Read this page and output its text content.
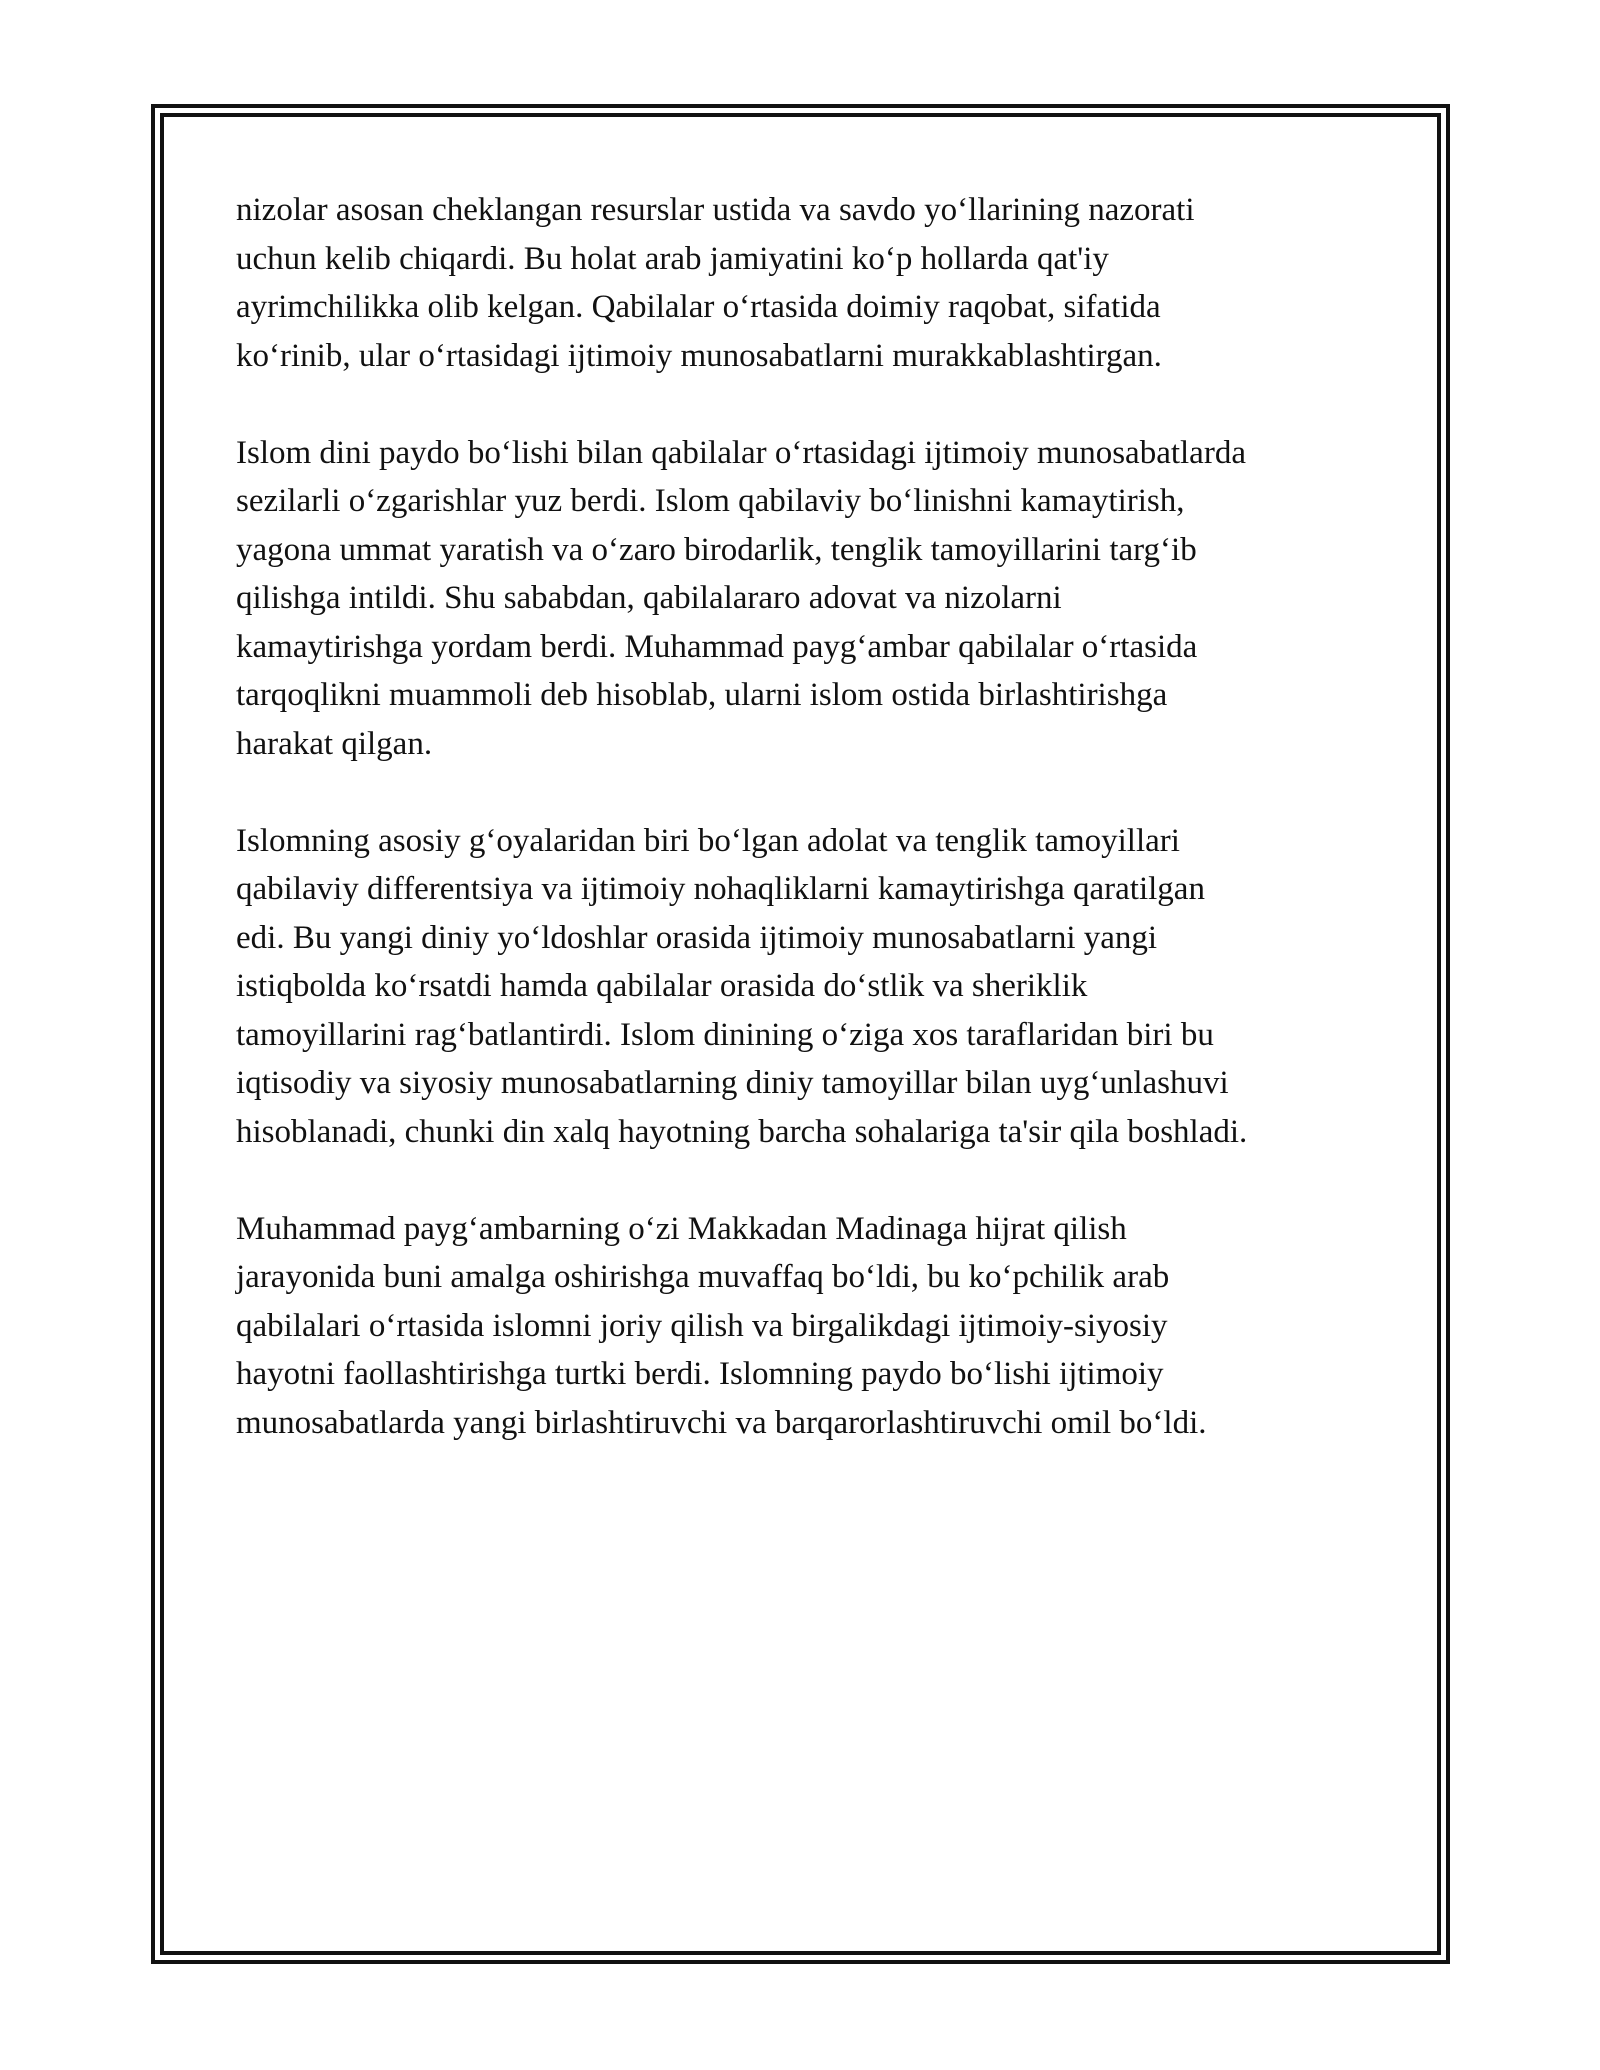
nizolar asosan cheklangan resurslar ustida va savdo yo‘llarining nazorati
uchun kelib chiqardi. Bu holat arab jamiyatini ko‘p hollarda qat'iy
ayrimchilikka olib kelgan. Qabilalar o‘rtasida doimiy raqobat, sifatida
ko‘rinib, ular o‘rtasidagi ijtimoiy munosabatlarni murakkablashtirgan.

Islom dini paydo bo‘lishi bilan qabilalar o‘rtasidagi ijtimoiy munosabatlarda
sezilarli o‘zgarishlar yuz berdi. Islom qabilaviy bo‘linishni kamaytirish,
yagona ummat yaratish va o‘zaro birodarlik, tenglik tamoyillarini targ‘ib
qilishga intildi. Shu sababdan, qabilalararo adovat va nizolarni
kamaytirishga yordam berdi. Muhammad payg‘ambar qabilalar o‘rtasida
tarqoqlikni muammoli deb hisoblab, ularni islom ostida birlashtirishga
harakat qilgan.

Islomning asosiy g‘oyalaridan biri bo‘lgan adolat va tenglik tamoyillari
qabilaviy differentsiya va ijtimoiy nohaqliklarni kamaytirishga qaratilgan
edi. Bu yangi diniy yo‘ldoshlar orasida ijtimoiy munosabatlarni yangi
istiqbolda ko‘rsatdi hamda qabilalar orasida do‘stlik va sheriklik
tamoyillarini rag‘batlantirdi. Islom dinining o‘ziga xos taraflaridan biri bu
iqtisodiy va siyosiy munosabatlarning diniy tamoyillar bilan uyg‘unlashuvi
hisoblanadi, chunki din xalq hayotning barcha sohalariga ta'sir qila boshladi.

Muhammad payg‘ambarning o‘zi Makkadan Madinaga hijrat qilish
jarayonida buni amalga oshirishga muvaffaq bo‘ldi, bu ko‘pchilik arab
qabilalari o‘rtasida islomni joriy qilish va birgalikdagi ijtimoiy-siyosiy
hayotni faollashtirishga turtki berdi. Islomning paydo bo‘lishi ijtimoiy
munosabatlarda yangi birlashtiruvchi va barqarorlashtiruvchi omil bo‘ldi.
